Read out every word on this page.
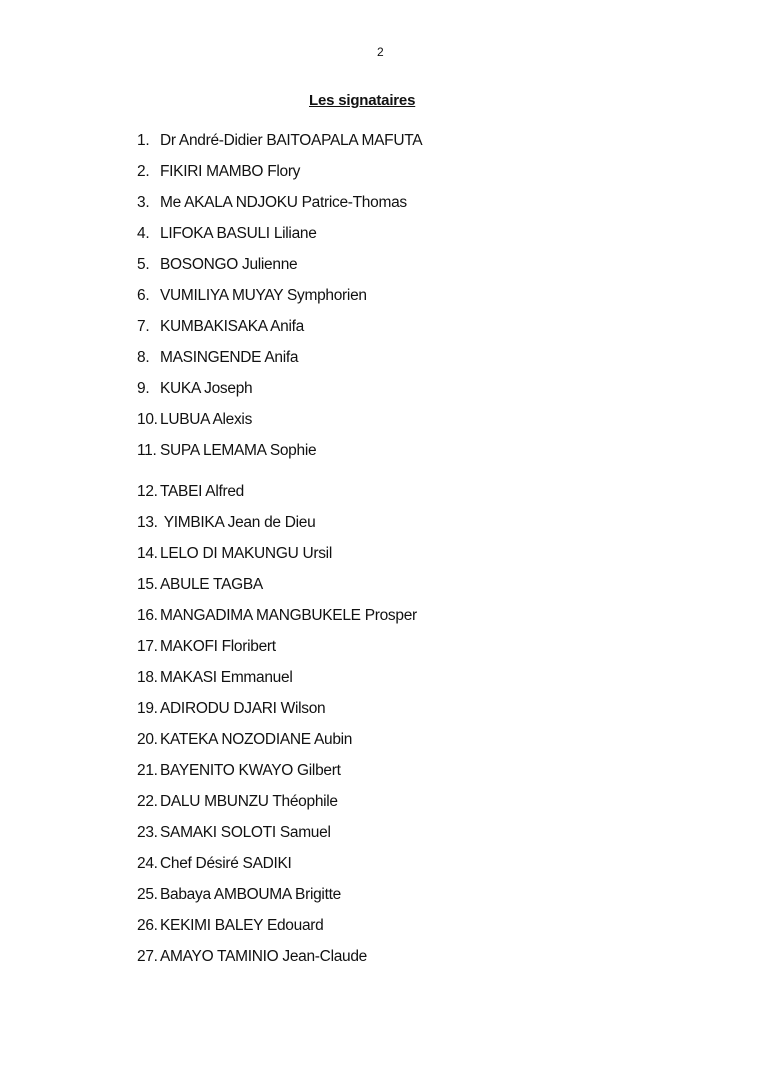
2
Les signataires
1. Dr André-Didier BAITOAPALA MAFUTA
2. FIKIRI MAMBO Flory
3. Me AKALA NDJOKU Patrice-Thomas
4. LIFOKA BASULI Liliane
5. BOSONGO Julienne
6. VUMILIYA MUYAY Symphorien
7. KUMBAKISAKA Anifa
8. MASINGENDE Anifa
9. KUKA Joseph
10. LUBUA Alexis
11. SUPA LEMAMA Sophie
12. TABEI Alfred
13. YIMBIKA Jean de Dieu
14. LELO DI MAKUNGU Ursil
15. ABULE TAGBA
16. MANGADIMA MANGBUKELE Prosper
17. MAKOFI Floribert
18. MAKASI Emmanuel
19. ADIRODU DJARI Wilson
20. KATEKA NOZODIANE Aubin
21. BAYENITO KWAYO Gilbert
22. DALU MBUNZU Théophile
23. SAMAKI SOLOTI Samuel
24. Chef Désiré SADIKI
25. Babaya AMBOUMA Brigitte
26. KEKIMI BALEY Edouard
27. AMAYO TAMINIO Jean-Claude
